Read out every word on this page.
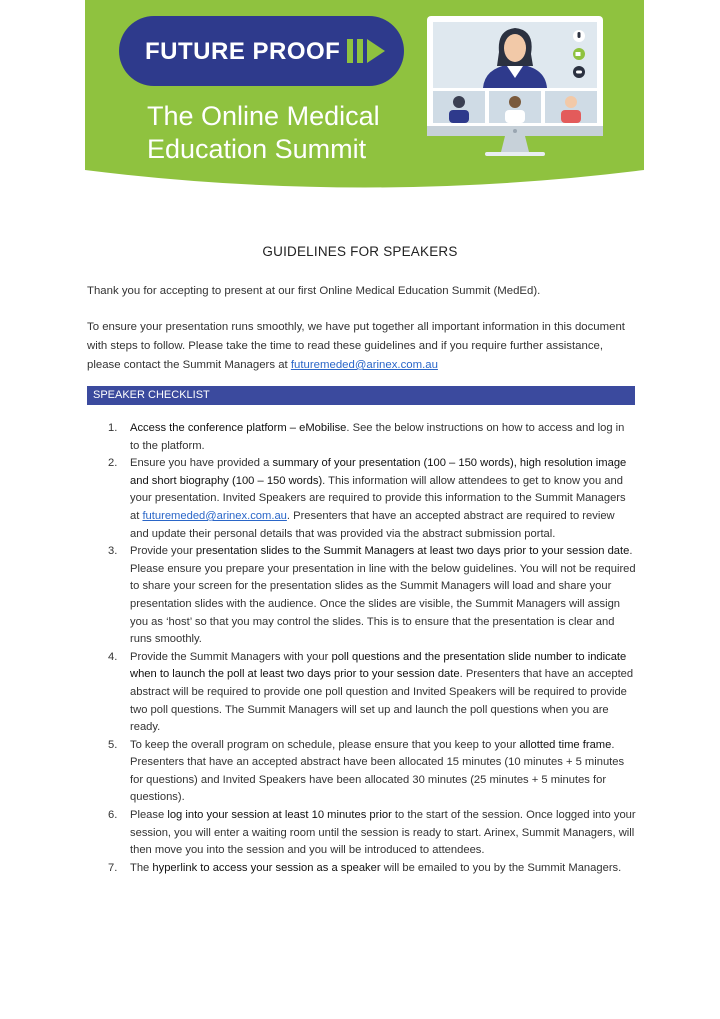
FUTURE PROOF
The Online Medical
Education Summit
GUIDELINES FOR SPEAKERS
Thank you for accepting to present at our first Online Medical Education Summit (MedEd).
To ensure your presentation runs smoothly, we have put together all important information in this document with steps to follow. Please take the time to read these guidelines and if you require further assistance, please contact the Summit Managers at futuremeded@arinex.com.au
SPEAKER CHECKLIST
1. Access the conference platform – eMobilise. See the below instructions on how to access and log in to the platform.
2. Ensure you have provided a summary of your presentation (100 – 150 words), high resolution image and short biography (100 – 150 words). This information will allow attendees to get to know you and your presentation. Invited Speakers are required to provide this information to the Summit Managers at futuremeded@arinex.com.au. Presenters that have an accepted abstract are required to review and update their personal details that was provided via the abstract submission portal.
3. Provide your presentation slides to the Summit Managers at least two days prior to your session date. Please ensure you prepare your presentation in line with the below guidelines. You will not be required to share your screen for the presentation slides as the Summit Managers will load and share your presentation slides with the audience. Once the slides are visible, the Summit Managers will assign you as ‘host’ so that you may control the slides. This is to ensure that the presentation is clear and runs smoothly.
4. Provide the Summit Managers with your poll questions and the presentation slide number to indicate when to launch the poll at least two days prior to your session date. Presenters that have an accepted abstract will be required to provide one poll question and Invited Speakers will be required to provide two poll questions. The Summit Managers will set up and launch the poll questions when you are ready.
5. To keep the overall program on schedule, please ensure that you keep to your allotted time frame. Presenters that have an accepted abstract have been allocated 15 minutes (10 minutes + 5 minutes for questions) and Invited Speakers have been allocated 30 minutes (25 minutes + 5 minutes for questions).
6. Please log into your session at least 10 minutes prior to the start of the session. Once logged into your session, you will enter a waiting room until the session is ready to start. Arinex, Summit Managers, will then move you into the session and you will be introduced to attendees.
7. The hyperlink to access your session as a speaker will be emailed to you by the Summit Managers.
